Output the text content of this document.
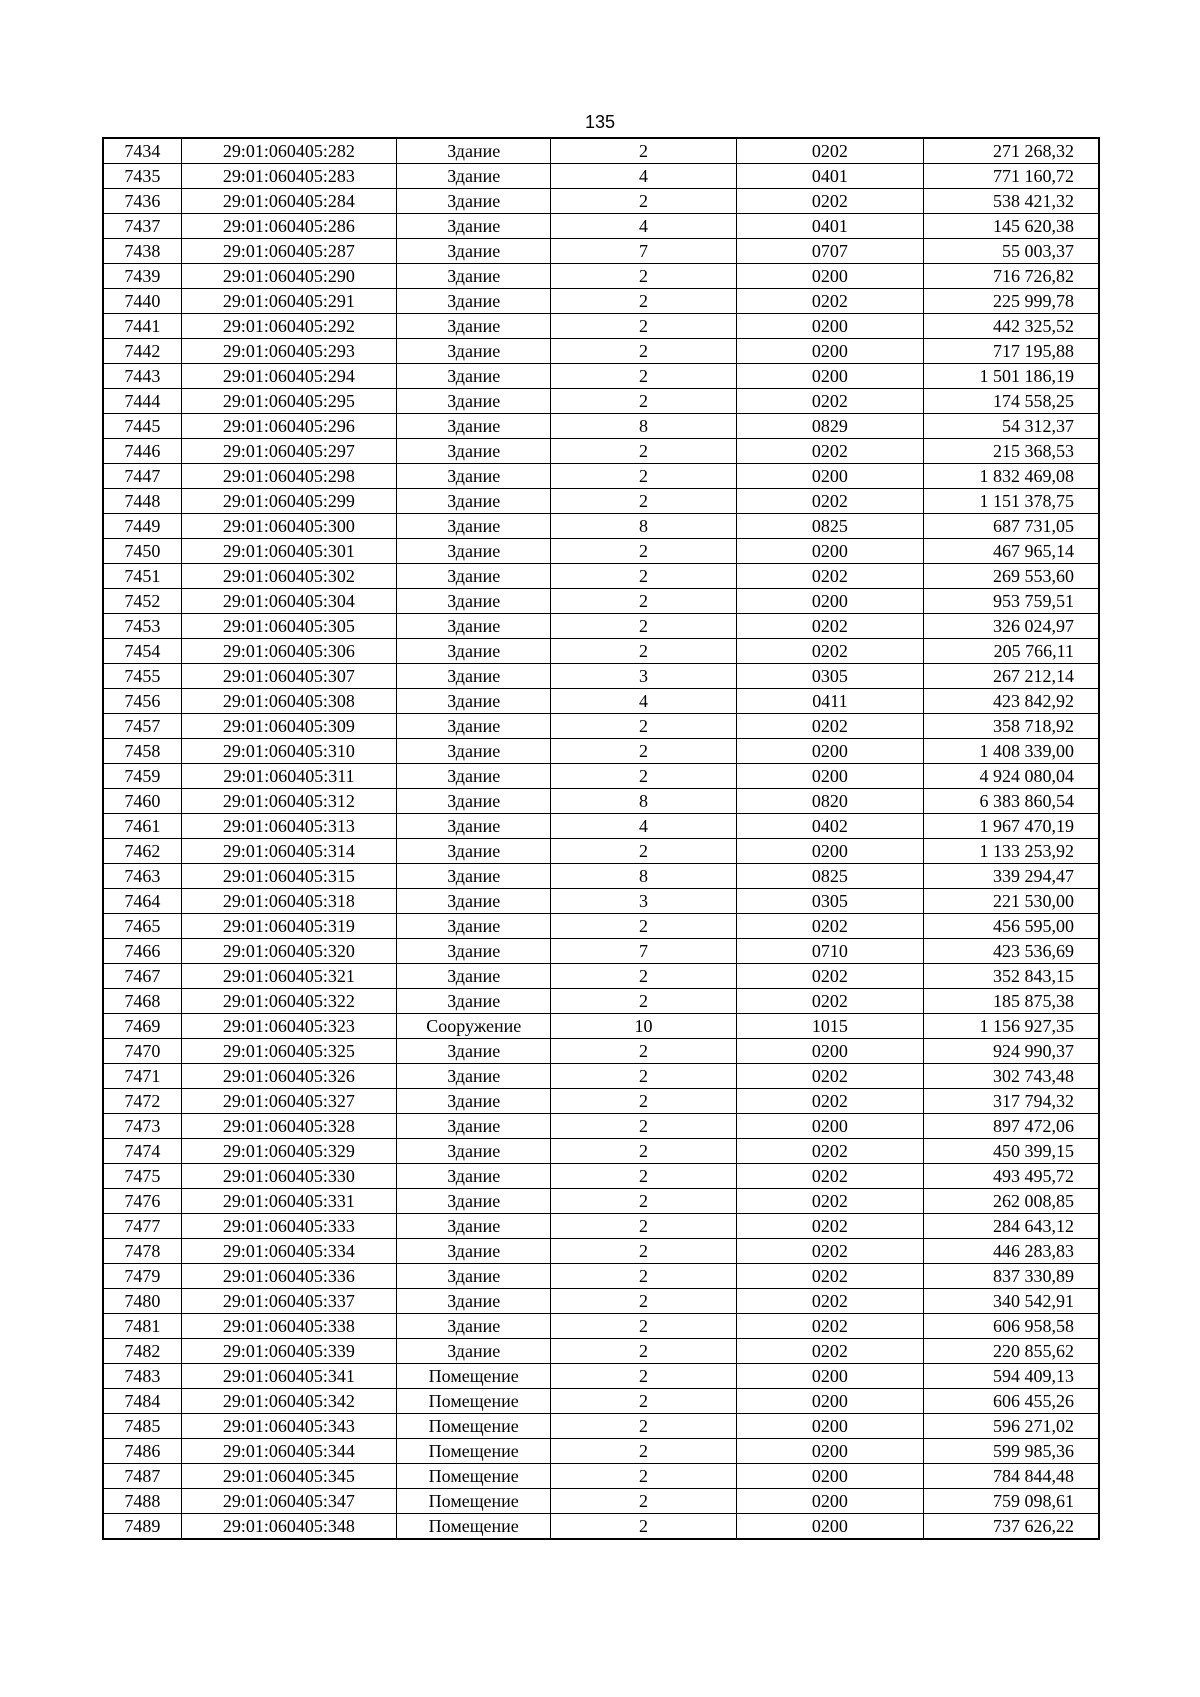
135
7434	29:01:060405:282	Здание	2	0202	271 268,32
7435	29:01:060405:283	Здание	4	0401	771 160,72
7436	29:01:060405:284	Здание	2	0202	538 421,32
7437	29:01:060405:286	Здание	4	0401	145 620,38
7438	29:01:060405:287	Здание	7	0707	55 003,37
7439	29:01:060405:290	Здание	2	0200	716 726,82
7440	29:01:060405:291	Здание	2	0202	225 999,78
7441	29:01:060405:292	Здание	2	0200	442 325,52
7442	29:01:060405:293	Здание	2	0200	717 195,88
7443	29:01:060405:294	Здание	2	0200	1 501 186,19
7444	29:01:060405:295	Здание	2	0202	174 558,25
7445	29:01:060405:296	Здание	8	0829	54 312,37
7446	29:01:060405:297	Здание	2	0202	215 368,53
7447	29:01:060405:298	Здание	2	0200	1 832 469,08
7448	29:01:060405:299	Здание	2	0202	1 151 378,75
7449	29:01:060405:300	Здание	8	0825	687 731,05
7450	29:01:060405:301	Здание	2	0200	467 965,14
7451	29:01:060405:302	Здание	2	0202	269 553,60
7452	29:01:060405:304	Здание	2	0200	953 759,51
7453	29:01:060405:305	Здание	2	0202	326 024,97
7454	29:01:060405:306	Здание	2	0202	205 766,11
7455	29:01:060405:307	Здание	3	0305	267 212,14
7456	29:01:060405:308	Здание	4	0411	423 842,92
7457	29:01:060405:309	Здание	2	0202	358 718,92
7458	29:01:060405:310	Здание	2	0200	1 408 339,00
7459	29:01:060405:311	Здание	2	0200	4 924 080,04
7460	29:01:060405:312	Здание	8	0820	6 383 860,54
7461	29:01:060405:313	Здание	4	0402	1 967 470,19
7462	29:01:060405:314	Здание	2	0200	1 133 253,92
7463	29:01:060405:315	Здание	8	0825	339 294,47
7464	29:01:060405:318	Здание	3	0305	221 530,00
7465	29:01:060405:319	Здание	2	0202	456 595,00
7466	29:01:060405:320	Здание	7	0710	423 536,69
7467	29:01:060405:321	Здание	2	0202	352 843,15
7468	29:01:060405:322	Здание	2	0202	185 875,38
7469	29:01:060405:323	Сооружение	10	1015	1 156 927,35
7470	29:01:060405:325	Здание	2	0200	924 990,37
7471	29:01:060405:326	Здание	2	0202	302 743,48
7472	29:01:060405:327	Здание	2	0202	317 794,32
7473	29:01:060405:328	Здание	2	0200	897 472,06
7474	29:01:060405:329	Здание	2	0202	450 399,15
7475	29:01:060405:330	Здание	2	0202	493 495,72
7476	29:01:060405:331	Здание	2	0202	262 008,85
7477	29:01:060405:333	Здание	2	0202	284 643,12
7478	29:01:060405:334	Здание	2	0202	446 283,83
7479	29:01:060405:336	Здание	2	0202	837 330,89
7480	29:01:060405:337	Здание	2	0202	340 542,91
7481	29:01:060405:338	Здание	2	0202	606 958,58
7482	29:01:060405:339	Здание	2	0202	220 855,62
7483	29:01:060405:341	Помещение	2	0200	594 409,13
7484	29:01:060405:342	Помещение	2	0200	606 455,26
7485	29:01:060405:343	Помещение	2	0200	596 271,02
7486	29:01:060405:344	Помещение	2	0200	599 985,36
7487	29:01:060405:345	Помещение	2	0200	784 844,48
7488	29:01:060405:347	Помещение	2	0200	759 098,61
7489	29:01:060405:348	Помещение	2	0200	737 626,22
